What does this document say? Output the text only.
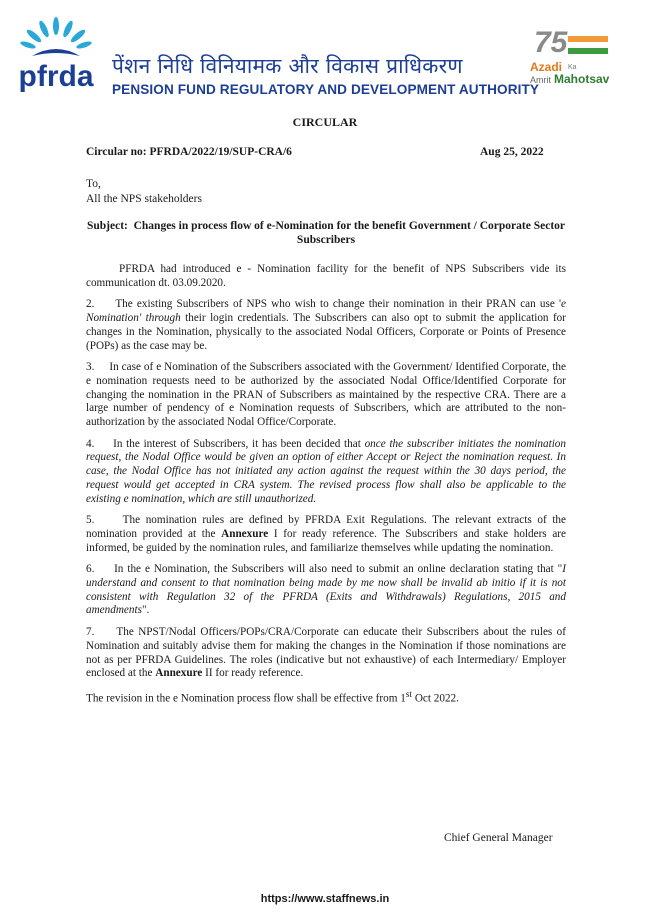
pfrda पेंशन निधि विनियामक और विकास प्राधिकरण
PENSION FUND REGULATORY AND DEVELOPMENT AUTHORITY
75
Azadi Ka
Amrit Mahotsav
CIRCULAR
Circular no: PFRDA/2022/19/SUP-CRA/6	Aug 25, 2022
To,
All the NPS stakeholders
Subject: Changes in process flow of e-Nomination for the benefit Government / Corporate Sector Subscribers

PFRDA had introduced e - Nomination facility for the benefit of NPS Subscribers vide its communication dt. 03.09.2020.

2.     The existing Subscribers of NPS who wish to change their nomination in their PRAN can use 'e Nomination' through their login credentials. The Subscribers can also opt to submit the application for changes in the Nomination, physically to the associated Nodal Officers, Corporate or Points of Presence (POPs) as the case may be.

3.     In case of e Nomination of the Subscribers associated with the Government/ Identified Corporate, the e nomination requests need to be authorized by the associated Nodal Office/Identified Corporate for changing the nomination in the PRAN of Subscribers as maintained by the respective CRA. There are a large number of pendency of e Nomination requests of Subscribers, which are attributed to the non-authorization by the associated Nodal Office/Corporate.

4.     In the interest of Subscribers, it has been decided that once the subscriber initiates the nomination request, the Nodal Office would be given an option of either Accept or Reject the nomination request. In case, the Nodal Office has not initiated any action against the request within the 30 days period, the request would get accepted in CRA system. The revised process flow shall also be applicable to the existing e nomination, which are still unauthorized.

5.     The nomination rules are defined by PFRDA Exit Regulations. The relevant extracts of the nomination provided at the Annexure I for ready reference. The Subscribers and stake holders are informed, be guided by the nomination rules, and familiarize themselves while updating the nomination.

6.     In the e Nomination, the Subscribers will also need to submit an online declaration stating that "I understand and consent to that nomination being made by me now shall be invalid ab initio if it is not consistent with Regulation 32 of the PFRDA (Exits and Withdrawals) Regulations, 2015 and amendments".

7.     The NPST/Nodal Officers/POPs/CRA/Corporate can educate their Subscribers about the rules of Nomination and suitably advise them for making the changes in the Nomination if those nominations are not as per PFRDA Guidelines. The roles (indicative but not exhaustive) of each Intermediary/ Employer enclosed at the Annexure II for ready reference.

The revision in the e Nomination process flow shall be effective from 1st Oct 2022.

Chief General Manager
https://www.staffnews.in
